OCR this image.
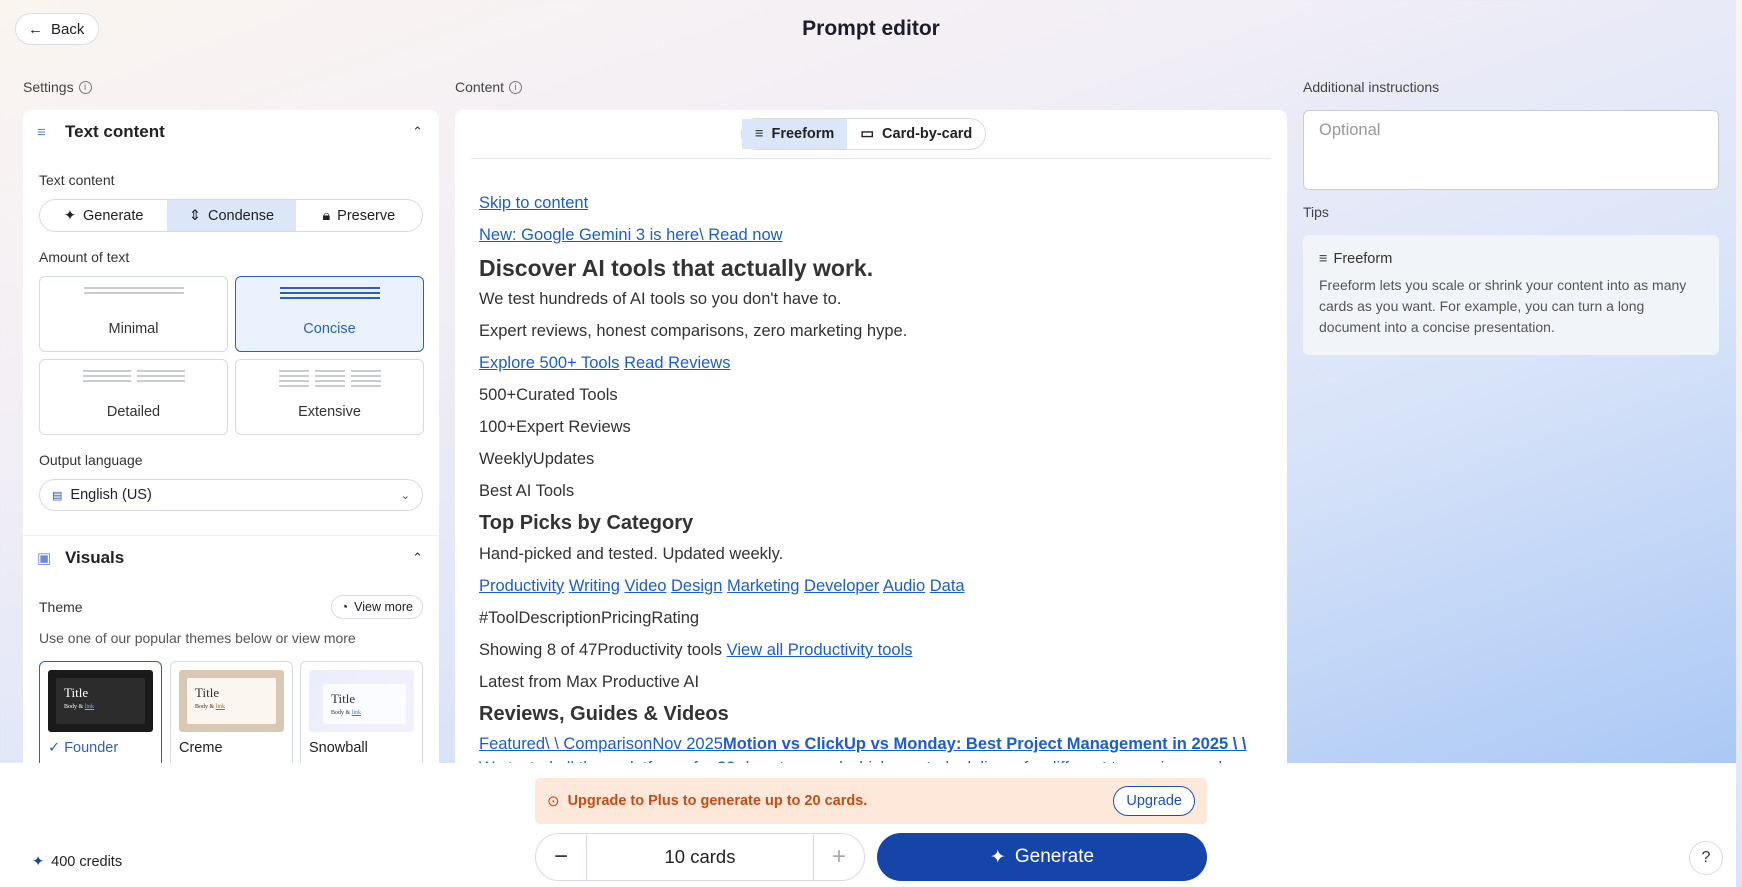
← Back	Prompt editor
Settings	i	Content	i	Additional instructions
≡ Text content	⌃
Text content
✦ Generate	⇕ Condense	🔒︎ Preserve
Amount of text
Minimal	Concise
Detailed	Extensive
Output language
▤ English (US)	⌄
▣ Visuals	⌃
Theme	◔ View more
Use one of our popular themes below or view more
Title
Body & link
✓ Founder
Title
Body & link
Creme
Title
Body & link
Snowball
≡ Freeform ▭ Card-by-card
Skip to content
New: Google Gemini 3 is here\ Read now
Discover AI tools that actually work.
We test hundreds of AI tools so you don't have to.
Expert reviews, honest comparisons, zero marketing hype.
Explore 500+ Tools Read Reviews
500+Curated Tools
100+Expert Reviews
WeeklyUpdates
Best AI Tools
Top Picks by Category
Hand-picked and tested. Updated weekly.
Productivity Writing Video Design Marketing Developer Audio Data
#ToolDescriptionPricingRating
Showing 8 of 47Productivity tools View all Productivity tools
Latest from Max Productive AI
Reviews, Guides & Videos
Featured\ \ ComparisonNov 2025Motion vs ClickUp vs Monday: Best Project Management in 2025 \ \
Optional
Tips
≡ Freeform
Freeform lets you scale or shrink your content into as many cards as you want. For example, you can turn a long document into a concise presentation.
✦ 400 credits
⊙ Upgrade to Plus to generate up to 20 cards.	Upgrade
−	10 cards	+	✦ Generate	?
